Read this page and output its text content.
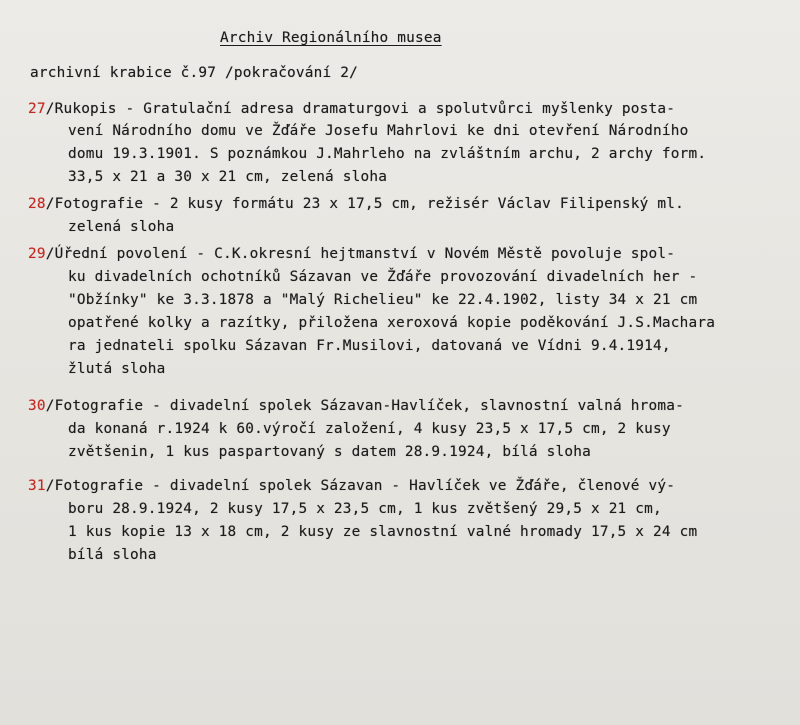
Archiv Regionálního musea
archivní krabice č.97 /pokračování 2/
27/Rukopis - Gratulační adresa dramaturgovi a spolutvůrci myšlenky posta-
vení Národního domu ve Žďáře Josefu Mahrlovi ke dni otevření Národního
domu 19.3.1901. S poznámkou J.Mahrleho na zvláštním archu, 2 archy form.
33,5 x 21 a 30 x 21 cm, zelená sloha
28/Fotografie - 2 kusy formátu 23 x 17,5 cm, režisér Václav Filipenský ml.
zelená sloha
29/Úřední povolení - C.K.okresní hejtmanství v Novém Městě povoluje spol-
ku divadelních ochotníků Sázavan ve Žďáře provozování divadelních her -
"Obžínky" ke 3.3.1878 a "Malý Richelieu" ke 22.4.1902, listy 34 x 21 cm
opatřené kolky a razítky, přiložena xeroxová kopie poděkování J.S.Machara
ra jednateli spolku Sázavan Fr.Musilovi, datovaná ve Vídni 9.4.1914,
žlutá sloha
30/Fotografie - divadelní spolek Sázavan-Havlíček, slavnostní valná hroma-
da konaná r.1924 k 60.výročí založení, 4 kusy 23,5 x 17,5 cm, 2 kusy
zvětšenin, 1 kus paspartovaný s datem 28.9.1924, bílá sloha
31/Fotografie - divadelní spolek Sázavan - Havlíček ve Žďáře, členové vý-
boru 28.9.1924, 2 kusy 17,5 x 23,5 cm, 1 kus zvětšený 29,5 x 21 cm,
1 kus kopie 13 x 18 cm, 2 kusy ze slavnostní valné hromady 17,5 x 24 cm
bílá sloha
